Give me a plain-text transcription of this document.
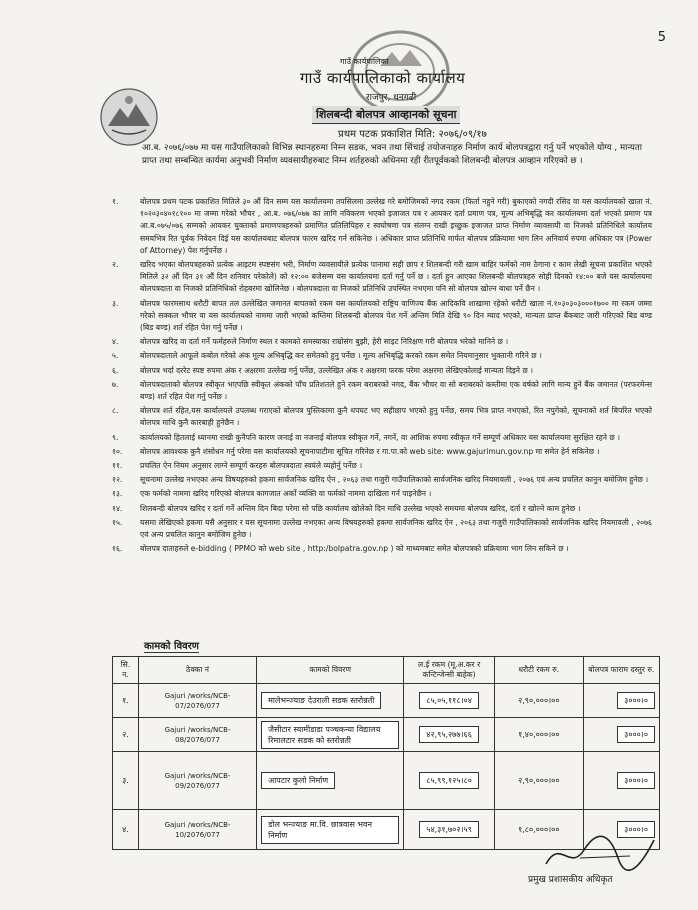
5
गाउँ कार्यपालिका
गाउँ कार्यपालिकाको कार्यालय
राजपुर, धनगढी
शिलबन्दी बोलपत्र आव्हानको सूचना
प्रथम पटक प्रकाशित मिति: २०७६/०९/१७
आ.ब. २०७६/०७७ मा यस गाउँपालिकाको विभिन्न स्थानहरुमा निम्न सडक, भवन तथा सिंचाई तयोजनाहरु निर्माण कार्य बोलपत्रद्वारा गर्नु पर्ने भएकोले योग्य , मान्यता प्राप्त तथा सम्बन्धित कार्यमा अनुभवी निर्माण व्यवसायीहरुबाट निम्न शर्तहरुको अधिनमा रही रीतपूर्वकको शिलबन्दी बोलपत्र आव्हान गरिएको छ ।
१.	बोलपत्र प्रथम पटक प्रकाशित मितिले ३० औं दिन सम्म यस कार्यालयमा तपसिलमा उल्लेख गरे बमोजिमको नगद रकम (फिर्ता नहुने गरी) बुकाएको नगदी रसिद वा यस कार्यालयको खाता नं. १०२०३०४०१८१०० मा जम्मा गरेको भौचर , आ.ब. ०७६/०७७ का लागि नविकरण भएको इजाजत पत्र र आयकर दर्ता प्रमाण पत्र, मूल्य अभिबृद्धि कर कार्यालयमा दर्ता भएको प्रमाण पत्र आ.ब.०७५/०७६ सम्मको आयकर चुक्ताको प्रमाणपत्रहरुको प्रमाणित प्रतिलिपिहरु र स्वघोषणा पत्र संलग्न राखी इच्छुक इजाजत प्राप्त निर्माण व्यावसायी वा निजको प्रतिनिधिले कार्यालय समयभित्र रित पूर्वक निवेदन दिई यस कार्यालयबाट बोलपत्र फारम खरिद गर्न सकिनेछ । अधिकार प्राप्त प्रतिनिधि मार्फत बोलपत्र प्रक्रियामा भाग लिन अनिवार्य रुपमा अधिकार पत्र (Power of Attorney) पेश गर्नुपर्नेछ ।
२.	खरिद भएका बोलपत्रहरुको प्रत्येक आइटम स्पष्टसंग भरी, निर्माण व्यवसायीले प्रत्येक पानामा सही छाप र शिलबन्दी गरी खाम बाहिर फर्मको नाम ठेगाना र काम लेखी सूचना प्रकाशित भएको मितिले ३२ औं दिन ३१ औं दिन शनिवार परेकोले) को १२:०० बजेसम्म यस कार्यालयमा दर्ता गर्नु पर्ने छ । दर्ता हुन आएका शिलबन्दी बोलपत्रहरु सोही दिनको १४:०० बजे यस कार्यालयमा बोलपत्रदाता वा निजको प्रतिनिधिको रोहबरमा खोलिनेछ । बोलपत्रदाता वा निजको प्रतिनिधि उपस्थित नभएमा पनि सो बोलपत्र खोल्न बाधा पर्ने छैन ।
३.	बोलपत्र फारमसाथ धरौटी बापत तल उल्लेखित जमानत बापतको रकम यस कार्यालयको राष्ट्रिय वाणिज्य बैंक आदिकवि शाखामा रहेको धरौटी खाता नं.१०३०३०३०००१७०० मा रकम जम्मा गरेको सक्कल भौचर वा यस कार्यालयको नाममा जारी भएको कम्तिमा शिलबन्दी बोलपत्र पेश गर्ने अन्तिम मिति देखि ९० दिन म्याद भएको, मान्यता प्राप्त बैंकबाट जारी गरिएको बिड बण्ड (बिड बण्ड) शर्त रहित पेश गर्नु पर्नेछ ।
४.	बोलपत्र खरिद वा दर्ता गर्ने फर्महरुले निर्माण स्थल र कामको समस्याका राम्रोसंग बुझी, हेरी साइट निरिक्षण गरी बोलपत्र भरेको मानिने छ ।
५.	बोलपत्रदाताले आफूले कबोल गरेको अंक मूल्य अभिबृद्धि कर समेतको हुनु पर्नेछ । मूल्य अभिबृद्धि करको रकम समेत नियमानुसार भुक्तानी गरिने छ ।
६.	बोलपत्र भर्दा दररेट स्पष्ट रुपमा अंक र अक्षरमा उल्लेख गर्नु पर्नेछ, उल्लेखित अंक र अक्षरमा फरक परेमा अक्षरमा लेखिएकोलाई मान्यता दिइने छ ।
७.	बोलपत्रदाताको बोलपत्र स्वीकृत भएपछि स्वीकृत अंकको पाँच प्रतिशतले हुने रकम बराबरको नगद, बैंक भौचर वा सो बराबरको कम्तीमा एक वर्षको लागि मान्य हुने बैंक जमानत (परफरमेन्स बण्ड) शर्त रहित पेश गर्नु पर्नेछ ।
८.	बोलपत्र शर्त रहित,यस कार्यालयले उपलब्ध गराएको बोलपत्र पुस्तिकामा कुनै थपघट भए सहीछाप भएको हुनु पर्नेछ, समय भित्र प्राप्त नभएको, रित नपुगेको, सूचनाको शर्त बिपरित भएको बोलपत्र माथि कुनै कारबाही हुनेछैन ।
९.	कार्यालयको हितलाई ध्यानमा राखी कुनैपनि कारण जनाई वा नजनाई बोलपत्र स्वीकृत गर्ने, नगर्ने, वा आंशिक रुपमा स्वीकृत गर्ने सम्पूर्ण अधिकार यस कार्यालयमा सुरक्षित रहने छ ।
१०.	बोलपत्र आवश्यक कुनै शंसोधन गर्नु परेमा यस कार्यालयको सूचनापाटीमा सूचित गरिनेछ र गा.पा.को web site: www.gajurimun.gov.np मा समेत हेर्न सकिनेछ ।
११.	प्रचलित ऐन नियम अनुसार लाग्ने सम्पूर्ण करहरु बोलपत्रदाता स्वयंले व्यहोर्नु पर्नेछ ।
१२.	सूचनामा उल्लेख नभएका अन्य विषयहरुको हकमा सार्वजनिक खरिद ऐन , २०६३ तथा गजुरी गाउँपालिकाको सार्वजनिक खरिद नियमावली , २०७६ एवं अन्य प्रचलित कानुन बमोजिम हुनेछ ।
१३.	एक फर्मको नाममा खरिद गरिएको बोलपत्र कागजात अर्को व्यक्ति वा फर्मको नाममा दाखिला गर्न पाइनेछैन ।
१४.	शिलबन्दी बोलपत्र खरिद र दर्ता गर्ने अन्तिम दिन बिदा परेमा सो पछि कार्यालय खोलेको दिन माथि उल्लेख भएको समयमा बोलपत्र खरिद, दर्ता र खोल्ने काम हुनेछ ।
१५.	यसमा लेखिएको हकमा यसै अनुसार र यस सूचनामा उल्लेख नभएका अन्य विषयहरुको हकमा सार्वजनिक खरिद ऐन , २०६३ तथा गजुरी गाउँपालिकाको सार्वजनिक खरिद नियमावली , २०७६ एवं अन्य प्रचलित कानुन बमोजिम हुनेछ ।
१६.	बोलपत्र दाताहरुले e-bidding ( PPMO को web site , http:/bolpatra.gov.np ) को माध्यमबाट समेत बोलपत्रको प्रक्रियामा भाग लिन सकिने छ ।
कामको विवरण
सि. न.	ठेक्का नं	कामको विवरण	ल.ई रकम (मू.अ.कर र कन्टिन्जेन्सी बाहेक)	धरौटी रकम रु.	बोलपत्र फाराम दस्तुर रु.
१.	Gajuri /works/NCB-07/2076/077	मालेभन्ज्याङ देउराली सडक स्तरोन्नती	८५,०५,११८।०४	२,९०,०००।००	३०००।०
२.	Gajuri /works/NCB-08/2076/077	जैसीटार स्यामीडाडा पञ्चकन्या विद्यालय रिमालटार सडक को स्तरोन्नती	४२,९५,२७७।६६	१,४०,०००।००	३०००।०
३.	Gajuri /works/NCB-09/2076/077	आपटार कुलो निर्माण	८५,९९,१२५।८०	२,९०,०००।००	३०००।०
४.	Gajuri /works/NCB-10/2076/077	डोल भन्ज्याङ मा.वि. छात्रवास भवन निर्माण	५४,३१,७०२।५९	१,८०,०००।००	३०००।०
प्रमुख प्रशासकीय अधिकृत
